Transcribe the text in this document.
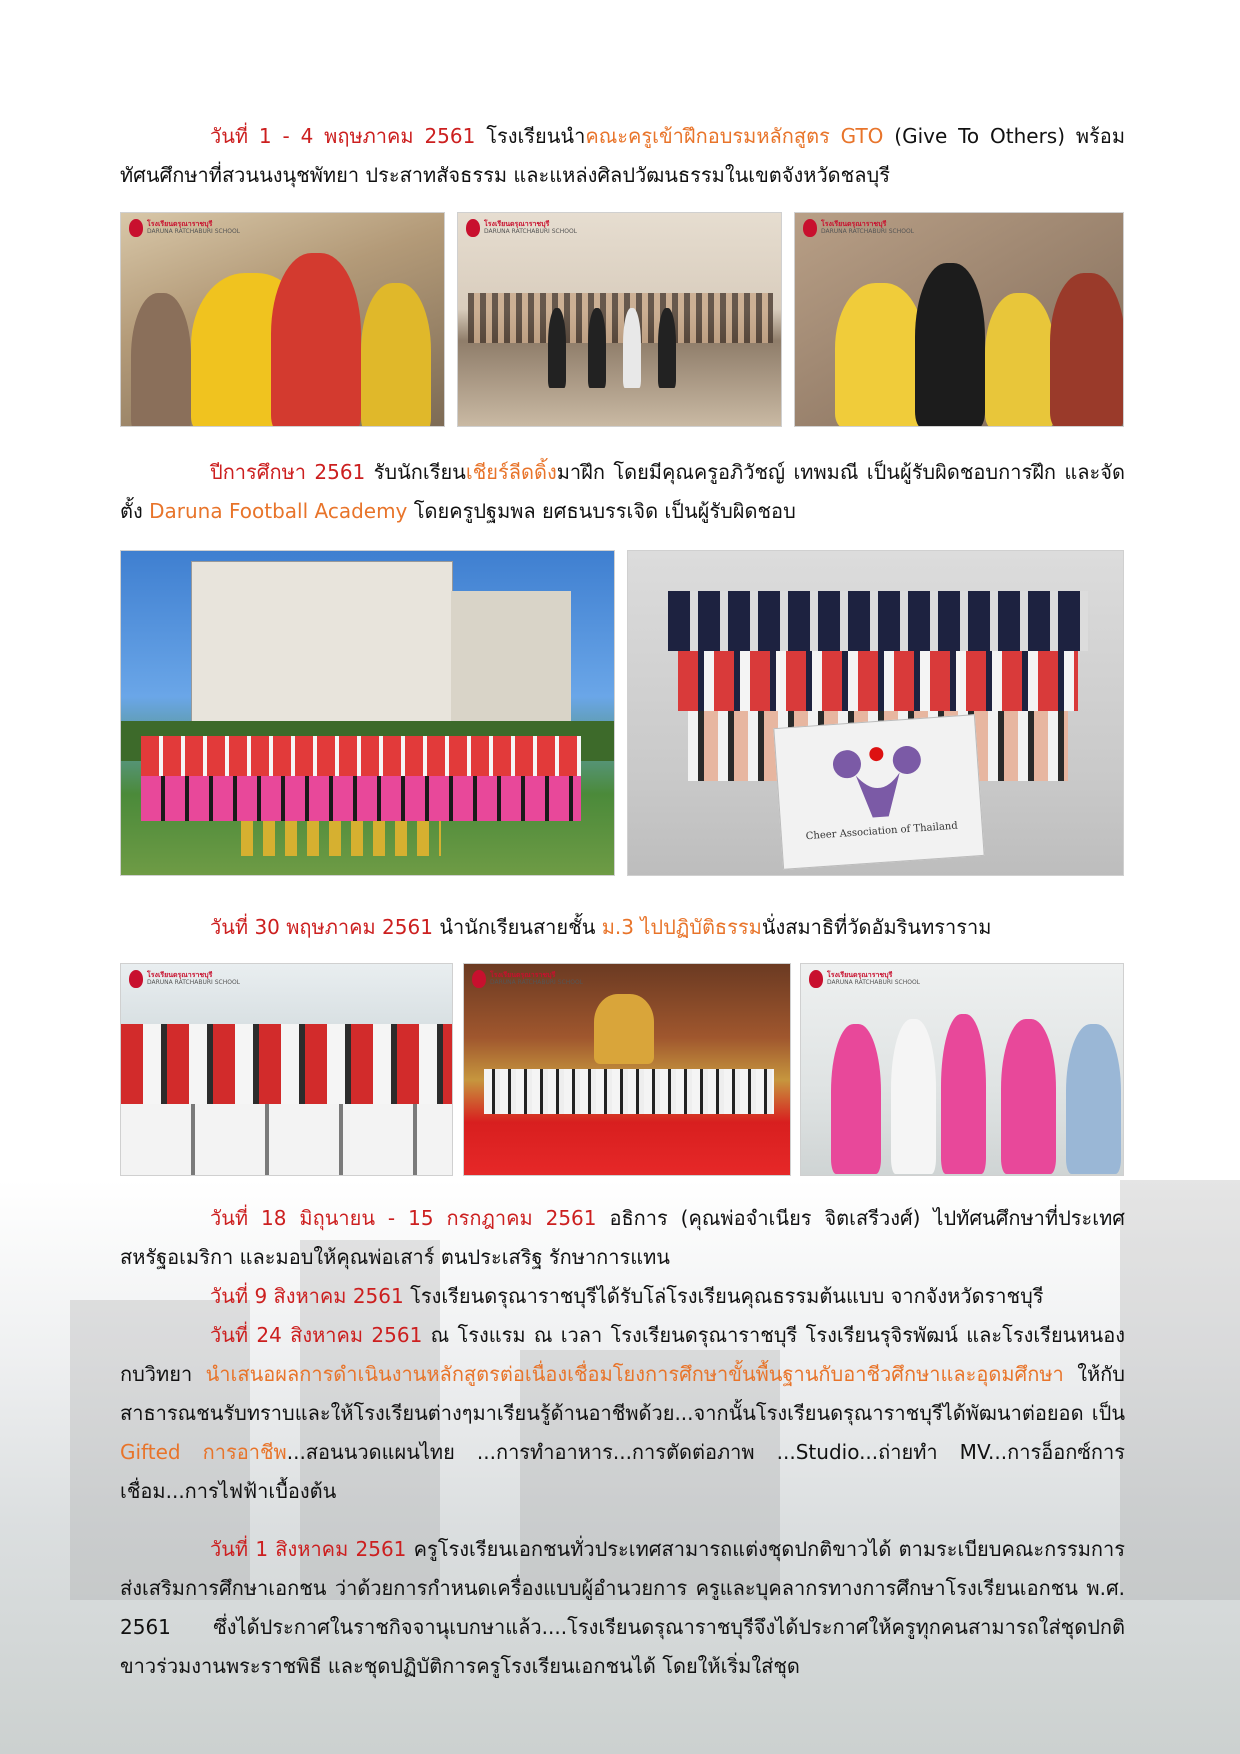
วันที่ 1 - 4 พฤษภาคม 2561 โรงเรียนนำคณะครูเข้าฝึกอบรมหลักสูตร GTO (Give To Others) พร้อมทัศนศึกษาที่สวนนงนุชพัทยา ประสาทสัจธรรม และแหล่งศิลปวัฒนธรรมในเขตจังหวัดชลบุรี
โรงเรียนดรุณาราชบุรี
DARUNA RATCHABURI SCHOOL
โรงเรียนดรุณาราชบุรี
DARUNA RATCHABURI SCHOOL
โรงเรียนดรุณาราชบุรี
DARUNA RATCHABURI SCHOOL
ปีการศึกษา 2561 รับนักเรียนเชียร์ลีดดิ้งมาฝึก โดยมีคุณครูอภิวัชญ์ เทพมณี เป็นผู้รับผิดชอบการฝึก และจัดตั้ง Daruna Football Academy โดยครูปฐมพล ยศธนบรรเจิด เป็นผู้รับผิดชอบ
Cheer Association of Thailand
วันที่ 30 พฤษภาคม 2561 นำนักเรียนสายชั้น ม.3 ไปปฏิบัติธรรมนั่งสมาธิที่วัดอัมรินทราราม
โรงเรียนดรุณาราชบุรี
DARUNA RATCHABURI SCHOOL
โรงเรียนดรุณาราชบุรี
DARUNA RATCHABURI SCHOOL
โรงเรียนดรุณาราชบุรี
DARUNA RATCHABURI SCHOOL
วันที่ 18 มิถุนายน - 15 กรกฎาคม 2561 อธิการ (คุณพ่อจำเนียร จิตเสรีวงศ์) ไปทัศนศึกษาที่ประเทศสหรัฐอเมริกา และมอบให้คุณพ่อเสาร์ ตนประเสริฐ รักษาการแทน
วันที่ 9 สิงหาคม 2561 โรงเรียนดรุณาราชบุรีได้รับโล่โรงเรียนคุณธรรมต้นแบบ จากจังหวัดราชบุรี
วันที่ 24 สิงหาคม 2561 ณ โรงแรม ณ เวลา โรงเรียนดรุณาราชบุรี โรงเรียนรุจิรพัฒน์ และโรงเรียนหนองกบวิทยา นำเสนอผลการดำเนินงานหลักสูตรต่อเนื่องเชื่อมโยงการศึกษาขั้นพื้นฐานกับอาชีวศึกษาและอุดมศึกษา ให้กับสาธารณชนรับทราบและให้โรงเรียนต่างๆมาเรียนรู้ด้านอาชีพด้วย...จากนั้นโรงเรียนดรุณาราชบุรีได้พัฒนาต่อยอด เป็น Gifted การอาชีพ...สอนนวดแผนไทย ...การทำอาหาร...การตัดต่อภาพ ...Studio...ถ่ายทำ MV...การอ็อกซ์การเชื่อม...การไฟฟ้าเบื้องต้น
วันที่ 1 สิงหาคม 2561 ครูโรงเรียนเอกชนทั่วประเทศสามารถแต่งชุดปกติขาวได้ ตามระเบียบคณะกรรมการส่งเสริมการศึกษาเอกชน ว่าด้วยการกำหนดเครื่องแบบผู้อำนวยการ ครูและบุคลากรทางการศึกษาโรงเรียนเอกชน พ.ศ. 2561 ซึ่งได้ประกาศในราชกิจจานุเบกษาแล้ว....โรงเรียนดรุณาราชบุรีจึงได้ประกาศให้ครูทุกคนสามารถใส่ชุดปกติขาวร่วมงานพระราชพิธี และชุดปฏิบัติการครูโรงเรียนเอกชนได้ โดยให้เริ่มใส่ชุด
